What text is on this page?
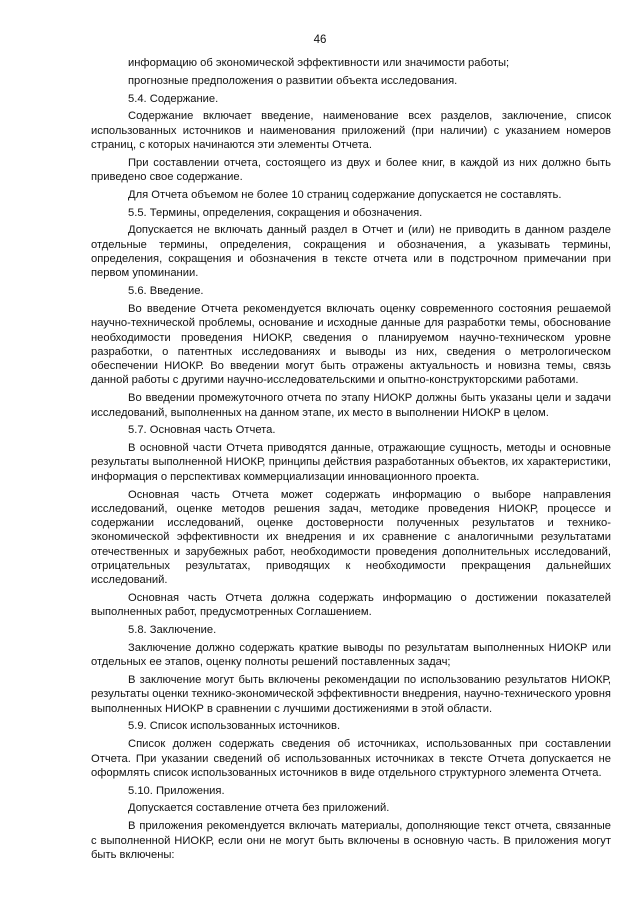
46

информацию об экономической эффективности или значимости работы;

прогнозные предположения о развитии объекта исследования.

5.4. Содержание.

Содержание включает введение, наименование всех разделов, заключение, список использованных источников и наименования приложений (при наличии) с указанием номеров страниц, с которых начинаются эти элементы Отчета.

При составлении отчета, состоящего из двух и более книг, в каждой из них должно быть приведено свое содержание.

Для Отчета объемом не более 10 страниц содержание допускается не составлять.

5.5. Термины, определения, сокращения и обозначения.

Допускается не включать данный раздел в Отчет и (или) не приводить в данном разделе отдельные термины, определения, сокращения и обозначения, а указывать термины, определения, сокращения и обозначения в тексте отчета или в подстрочном примечании при первом упоминании.

5.6. Введение.

Во введение Отчета рекомендуется включать оценку современного состояния решаемой научно-технической проблемы, основание и исходные данные для разработки темы, обоснование необходимости проведения НИОКР, сведения о планируемом научно-техническом уровне разработки, о патентных исследованиях и выводы из них, сведения о метрологическом обеспечении НИОКР. Во введении могут быть отражены актуальность и новизна темы, связь данной работы с другими научно-исследовательскими и опытно-конструкторскими работами.

Во введении промежуточного отчета по этапу НИОКР должны быть указаны цели и задачи исследований, выполненных на данном этапе, их место в выполнении НИОКР в целом.

5.7. Основная часть Отчета.

В основной части Отчета приводятся данные, отражающие сущность, методы и основные результаты выполненной НИОКР, принципы действия разработанных объектов, их характеристики, информация о перспективах коммерциализации инновационного проекта.

Основная часть Отчета может содержать информацию о выборе направления исследований, оценке методов решения задач, методике проведения НИОКР, процессе и содержании исследований, оценке достоверности полученных результатов и технико-экономической эффективности их внедрения и их сравнение с аналогичными результатами отечественных и зарубежных работ, необходимости проведения дополнительных исследований, отрицательных результатах, приводящих к необходимости прекращения дальнейших исследований.

Основная часть Отчета должна содержать информацию о достижении показателей выполненных работ, предусмотренных Соглашением.

5.8. Заключение.

Заключение должно содержать краткие выводы по результатам выполненных НИОКР или отдельных ее этапов, оценку полноты решений поставленных задач;

В заключение могут быть включены рекомендации по использованию результатов НИОКР, результаты оценки технико-экономической эффективности внедрения, научно-технического уровня выполненных НИОКР в сравнении с лучшими достижениями в этой области.

5.9. Список использованных источников.

Список должен содержать сведения об источниках, использованных при составлении Отчета. При указании сведений об использованных источниках в тексте Отчета допускается не оформлять список использованных источников в виде отдельного структурного элемента Отчета.

5.10. Приложения.

Допускается составление отчета без приложений.

В приложения рекомендуется включать материалы, дополняющие текст отчета, связанные с выполненной НИОКР, если они не могут быть включены в основную часть. В приложения могут быть включены:
